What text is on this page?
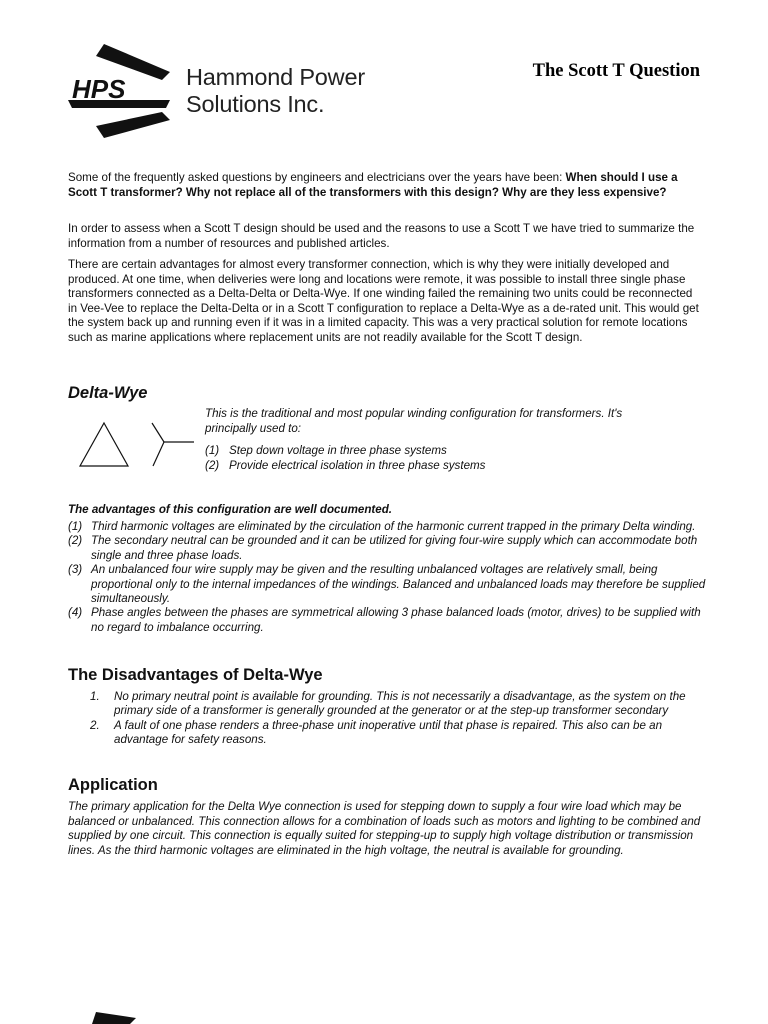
HPS	Hammond Power
Solutions Inc.
The Scott T Question

Some of the frequently asked questions by engineers and electricians over the years have been: When should I use a Scott T transformer? Why not replace all of the transformers with this design? Why are they less expensive?

In order to assess when a Scott T design should be used and the reasons to use a Scott T we have tried to summarize the information from a number of resources and published articles.

There are certain advantages for almost every transformer connection, which is why they were initially developed and produced. At one time, when deliveries were long and locations were remote, it was possible to install three single phase transformers connected as a Delta-Delta or Delta-Wye. If one winding failed the remaining two units could be reconnected in Vee-Vee to replace the Delta-Delta or in a Scott T configuration to replace a Delta-Wye as a de-rated unit. This would get the system back up and running even if it was in a limited capacity. This was a very practical solution for remote locations such as marine applications where replacement units are not readily available for the Scott T design.

Delta-Wye
This is the traditional and most popular winding configuration for transformers. It's principally used to:
(1) Step down voltage in three phase systems
(2) Provide electrical isolation in three phase systems
The advantages of this configuration are well documented.
(1) Third harmonic voltages are eliminated by the circulation of the harmonic current trapped in the primary Delta winding.
(2) The secondary neutral can be grounded and it can be utilized for giving four-wire supply which can accommodate both single and three phase loads.
(3) An unbalanced four wire supply may be given and the resulting unbalanced voltages are relatively small, being proportional only to the internal impedances of the windings. Balanced and unbalanced loads may therefore be supplied simultaneously.
(4) Phase angles between the phases are symmetrical allowing 3 phase balanced loads (motor, drives) to be supplied with no regard to imbalance occurring.
The Disadvantages of Delta-Wye
1.	No primary neutral point is available for grounding. This is not necessarily a disadvantage, as the system on the primary side of a transformer is generally grounded at the generator or at the step-up transformer secondary
2.	A fault of one phase renders a three-phase unit inoperative until that phase is repaired. This also can be an advantage for safety reasons.
Application
The primary application for the Delta Wye connection is used for stepping down to supply a four wire load which may be balanced or unbalanced. This connection allows for a combination of loads such as motors and lighting to be combined and supplied by one circuit. This connection is equally suited for stepping-up to supply high voltage distribution or transmission lines. As the third harmonic voltages are eliminated in the high voltage, the neutral is available for grounding.
